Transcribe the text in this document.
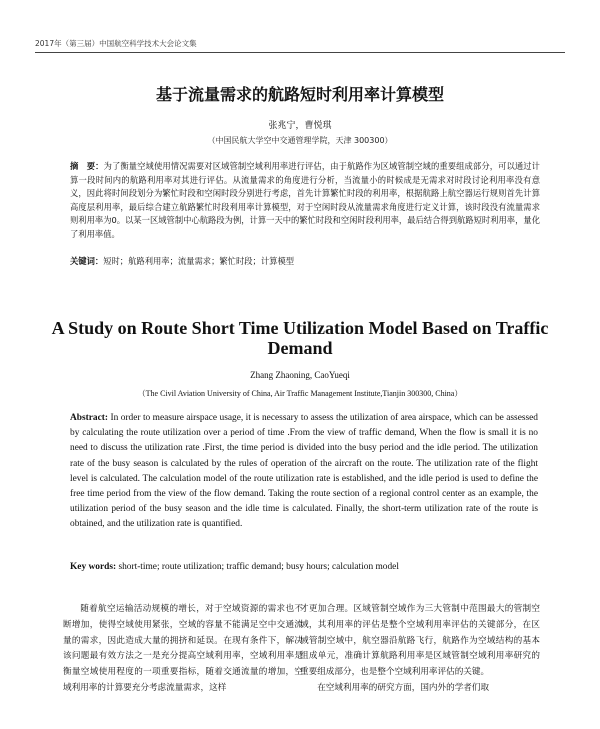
2017年（第三届）中国航空科学技术大会论文集
基于流量需求的航路短时利用率计算模型
张兆宁，曹悦琪
（中国民航大学空中交通管理学院，天津 300300）
摘　要：为了衡量空域使用情况需要对区域管制空域利用率进行评估，由于航路作为区域管制空域的重要组成部分，可以通过计算一段时间内的航路利用率对其进行评估。从流量需求的角度进行分析，当流量小的时候成是无需求对时段讨论利用率没有意义，因此将时间段划分为繁忙时段和空闲时段分别进行考虑，首先计算繁忙时段的利用率，根据航路上航空器运行规则首先计算高度层利用率，最后综合建立航路繁忙时段利用率计算模型，对于空闲时段从流量需求角度进行定义计算，该时段没有流量需求则利用率为0。以某一区域管制中心航路段为例，计算一天中的繁忙时段和空闲时段利用率，最后结合得到航路短时利用率，量化了利用率值。
关键词：短时；航路利用率；流量需求；繁忙时段；计算模型
A Study on Route Short Time Utilization Model Based on Traffic Demand
Zhang Zhaoning, CaoYueqi
（The Civil Aviation University of China, Air Traffic Management Institute,Tianjin 300300, China）
Abstract: In order to measure airspace usage, it is necessary to assess the utilization of area airspace, which can be assessed by calculating the route utilization over a period of time .From the view of traffic demand, When the flow is small it is no need to discuss the utilization rate .First, the time period is divided into the busy period and the idle period. The utilization rate of the busy season is calculated by the rules of operation of the aircraft on the route. The utilization rate of the flight level is calculated. The calculation model of the route utilization rate is established, and the idle period is used to define the free time period from the view of the flow demand. Taking the route section of a regional control center as an example, the utilization period of the busy season and the idle time is calculated. Finally, the short-term utilization rate of the route is obtained, and the utilization rate is quantified.
Key words: short-time; route utilization; traffic demand; busy hours; calculation model
随着航空运输活动规模的增长，对于空域资源的需求也不断增加，使得空域使用紧张，空域的容量不能满足空中交通流量的需求，因此造成大量的拥挤和延误。在现有条件下，解决该问题最有效方法之一是充分提高空域利用率，空域利用率是衡量空域使用程度的一项重要指标，随着交通流量的增加，空域利用率的计算要充分考虑流量需求，这样
才更加合理。区域管制空域作为三大管制中范围最大的管制空域，其利用率的评估是整个空域利用率评估的关键部分，在区域管制空域中，航空器沿航路飞行，航路作为空域结构的基本组成单元，准确计算航路利用率是区域管制空域利用率研究的重要组成部分，也是整个空域利用率评估的关键。
在空域利用率的研究方面，国内外的学者们取
